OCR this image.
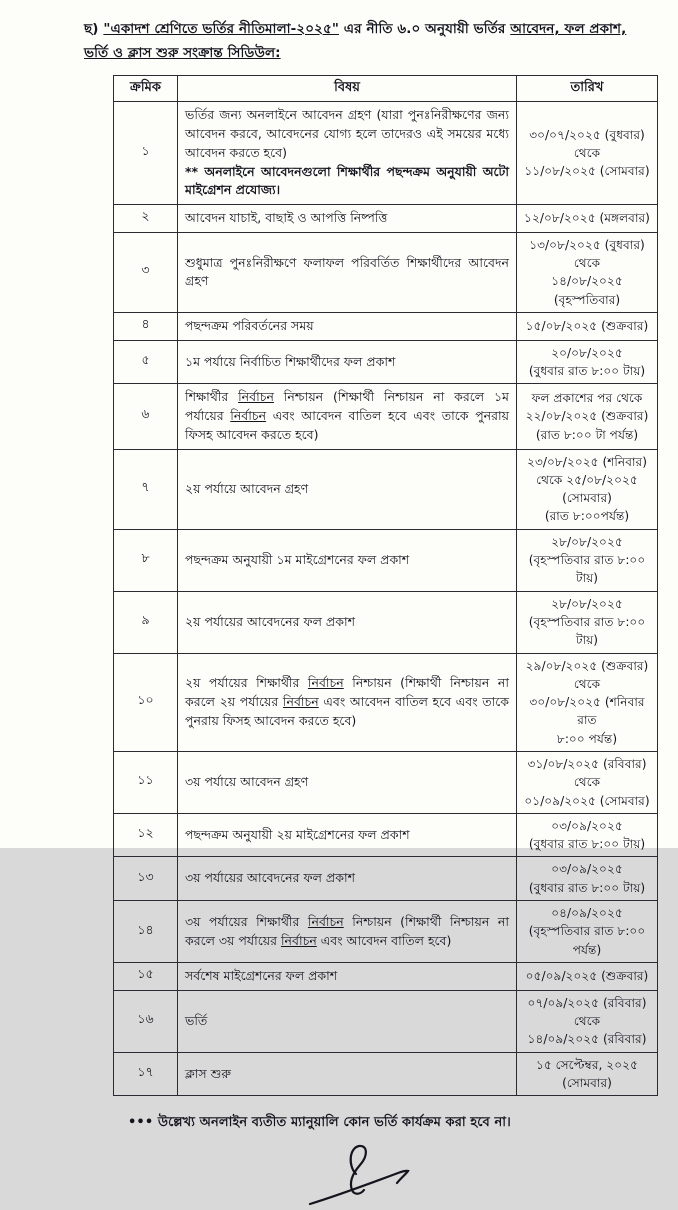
ছ) "একাদশ শ্রেণিতে ভর্তির নীতিমালা-২০২৫" এর নীতি ৬.০ অনুযায়ী ভর্তির আবেদন, ফল প্রকাশ, ভর্তি ও ক্লাস শুরু সংক্রান্ত সিডিউল:
ক্রমিক	বিষয়	তারিখ
১	ভর্তির জন্য অনলাইনে আবেদন গ্রহণ (যারা পুনঃনিরীক্ষণের জন্য আবেদন করবে, আবেদনের যোগ্য হলে তাদেরও এই সময়ের মধ্যে আবেদন করতে হবে)
** অনলাইনে আবেদনগুলো শিক্ষার্থীর পছন্দক্রম অনুযায়ী অটো মাইগ্রেশন প্রযোজ্য।	৩০/০৭/২০২৫ (বুধবার)
থেকে
১১/০৮/২০২৫ (সোমবার)
২	আবেদন যাচাই, বাছাই ও আপত্তি নিষ্পত্তি	১২/০৮/২০২৫ (মঙ্গলবার)
৩	শুধুমাত্র পুনঃনিরীক্ষণে ফলাফল পরিবর্তিত শিক্ষার্থীদের আবেদন গ্রহণ	১৩/০৮/২০২৫ (বুধবার)
থেকে
১৪/০৮/২০২৫ (বৃহস্পতিবার)
৪	পছন্দক্রম পরিবর্তনের সময়	১৫/০৮/২০২৫ (শুক্রবার)
৫	১ম পর্যায়ে নির্বাচিত শিক্ষার্থীদের ফল প্রকাশ	২০/০৮/২০২৫
(বুধবার রাত ৮:০০ টায়)
৬	শিক্ষার্থীর নির্বাচন নিশ্চায়ন (শিক্ষার্থী নিশ্চায়ন না করলে ১ম পর্যায়ের নির্বাচন এবং আবেদন বাতিল হবে এবং তাকে পুনরায় ফিসহ আবেদন করতে হবে)	ফল প্রকাশের পর থেকে
২২/০৮/২০২৫ (শুক্রবার)
(রাত ৮:০০ টা পর্যন্ত)
৭	২য় পর্যায়ে আবেদন গ্রহণ	২৩/০৮/২০২৫ (শনিবার)
থেকে ২৫/০৮/২০২৫ (সোমবার)
(রাত ৮:০০পর্যন্ত)
৮	পছন্দক্রম অনুযায়ী ১ম মাইগ্রেশনের ফল প্রকাশ	২৮/০৮/২০২৫
(বৃহস্পতিবার রাত ৮:০০ টায়)
৯	২য় পর্যায়ের আবেদনের ফল প্রকাশ	২৮/০৮/২০২৫
(বৃহস্পতিবার রাত ৮:০০ টায়)
১০	২য় পর্যায়ের শিক্ষার্থীর নির্বাচন নিশ্চায়ন (শিক্ষার্থী নিশ্চায়ন না করলে ২য় পর্যায়ের নির্বাচন এবং আবেদন বাতিল হবে এবং তাকে পুনরায় ফিসহ আবেদন করতে হবে)	২৯/০৮/২০২৫ (শুক্রবার) থেকে
৩০/০৮/২০২৫ (শনিবার রাত
৮:০০ পর্যন্ত)
১১	৩য় পর্যায়ে আবেদন গ্রহণ	৩১/০৮/২০২৫ (রবিবার)
থেকে
০১/০৯/২০২৫ (সোমবার)
১২	পছন্দক্রম অনুযায়ী ২য় মাইগ্রেশনের ফল প্রকাশ	০৩/০৯/২০২৫
(বুধবার রাত ৮:০০ টায়)
১৩	৩য় পর্যায়ের আবেদনের ফল প্রকাশ	০৩/০৯/২০২৫
(বুধবার রাত ৮:০০ টায়)
১৪	৩য় পর্যায়ের শিক্ষার্থীর নির্বাচন নিশ্চায়ন (শিক্ষার্থী নিশ্চায়ন না করলে ৩য় পর্যায়ের নির্বাচন এবং আবেদন বাতিল হবে)	০৪/০৯/২০২৫
(বৃহস্পতিবার রাত ৮:০০ পর্যন্ত)
১৫	সর্বশেষ মাইগ্রেশনের ফল প্রকাশ	০৫/০৯/২০২৫ (শুক্রবার)
১৬	ভর্তি	০৭/০৯/২০২৫ (রবিবার)
থেকে
১৪/০৯/২০২৫ (রবিবার)
১৭	ক্লাস শুরু	১৫ সেপ্টেম্বর, ২০২৫ (সোমবার)
••• উল্লেখ্য অনলাইন ব্যতীত ম্যানুয়ালি কোন ভর্তি কার্যক্রম করা হবে না।
